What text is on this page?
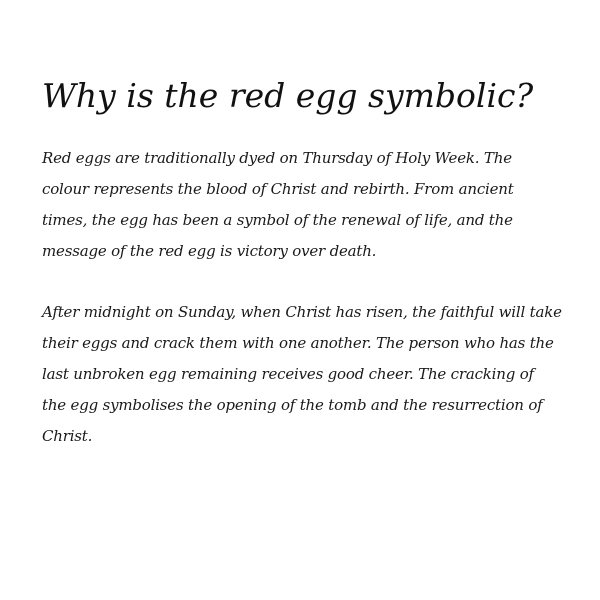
Why is the red egg symbolic?

Red eggs are traditionally dyed on Thursday of Holy Week. The colour represents the blood of Christ and rebirth. From ancient times, the egg has been a symbol of the renewal of life, and the message of the red egg is victory over death.

After midnight on Sunday, when Christ has risen, the faithful will take their eggs and crack them with one another. The person who has the last unbroken egg remaining receives good cheer. The cracking of the egg symbolises the opening of the tomb and the resurrection of Christ.
